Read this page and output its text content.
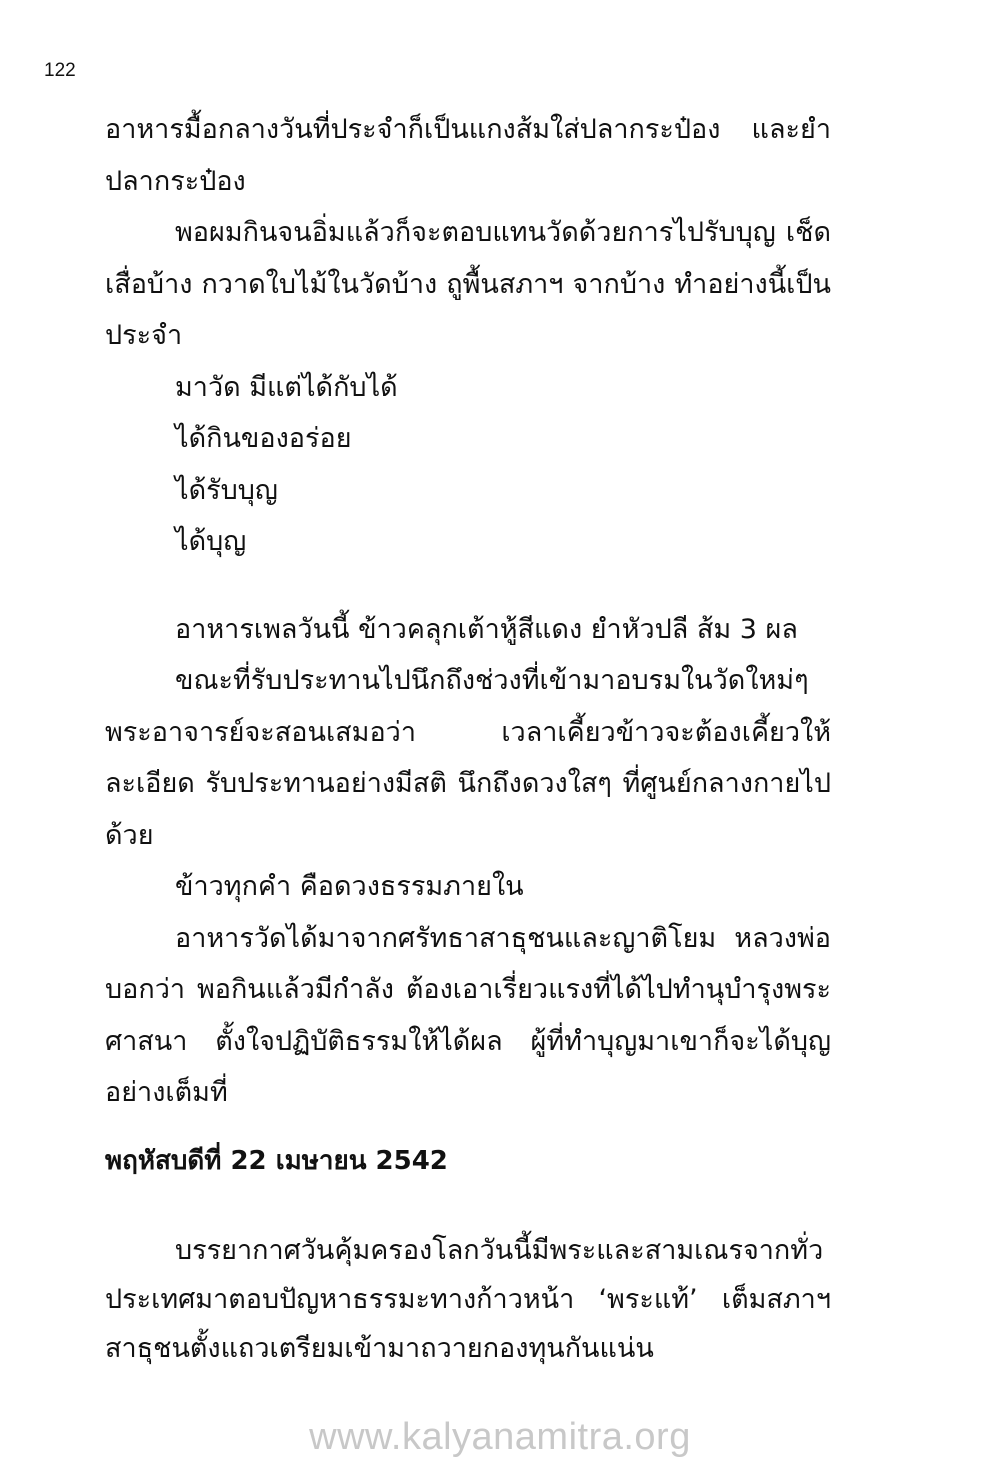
122

อาหารมื้อกลางวันที่ประจำก็เป็นแกงส้มใส่ปลากระป๋อง และยำปลากระป๋อง

พอผมกินจนอิ่มแล้วก็จะตอบแทนวัดด้วยการไปรับบุญ เช็ดเสื่อบ้าง กวาดใบไม้ในวัดบ้าง ถูพื้นสภาฯ จากบ้าง ทำอย่างนี้เป็นประจำ

มาวัด มีแต่ได้กับได้

ได้กินของอร่อย

ได้รับบุญ

ได้บุญ

อาหารเพลวันนี้ ข้าวคลุกเต้าหู้สีแดง ยำหัวปลี ส้ม 3 ผล

ขณะที่รับประทานไปนึกถึงช่วงที่เข้ามาอบรมในวัดใหม่ๆ พระอาจารย์จะสอนเสมอว่า เวลาเคี้ยวข้าวจะต้องเคี้ยวให้ละเอียด รับประทานอย่างมีสติ นึกถึงดวงใสๆ ที่ศูนย์กลางกายไปด้วย

ข้าวทุกคำ คือดวงธรรมภายใน

อาหารวัดได้มาจากศรัทธาสาธุชนและญาติโยม หลวงพ่อบอกว่า พอกินแล้วมีกำลัง ต้องเอาเรี่ยวแรงที่ได้ไปทำนุบำรุงพระศาสนา ตั้งใจปฏิบัติธรรมให้ได้ผล ผู้ที่ทำบุญมาเขาก็จะได้บุญอย่างเต็มที่

พฤหัสบดีที่ 22 เมษายน 2542

บรรยากาศวันคุ้มครองโลกวันนี้มีพระและสามเณรจากทั่วประเทศมาตอบปัญหาธรรมะทางก้าวหน้า ‘พระแท้’ เต็มสภาฯ สาธุชนตั้งแถวเตรียมเข้ามาถวายกองทุนกันแน่น

www.kalyanamitra.org
